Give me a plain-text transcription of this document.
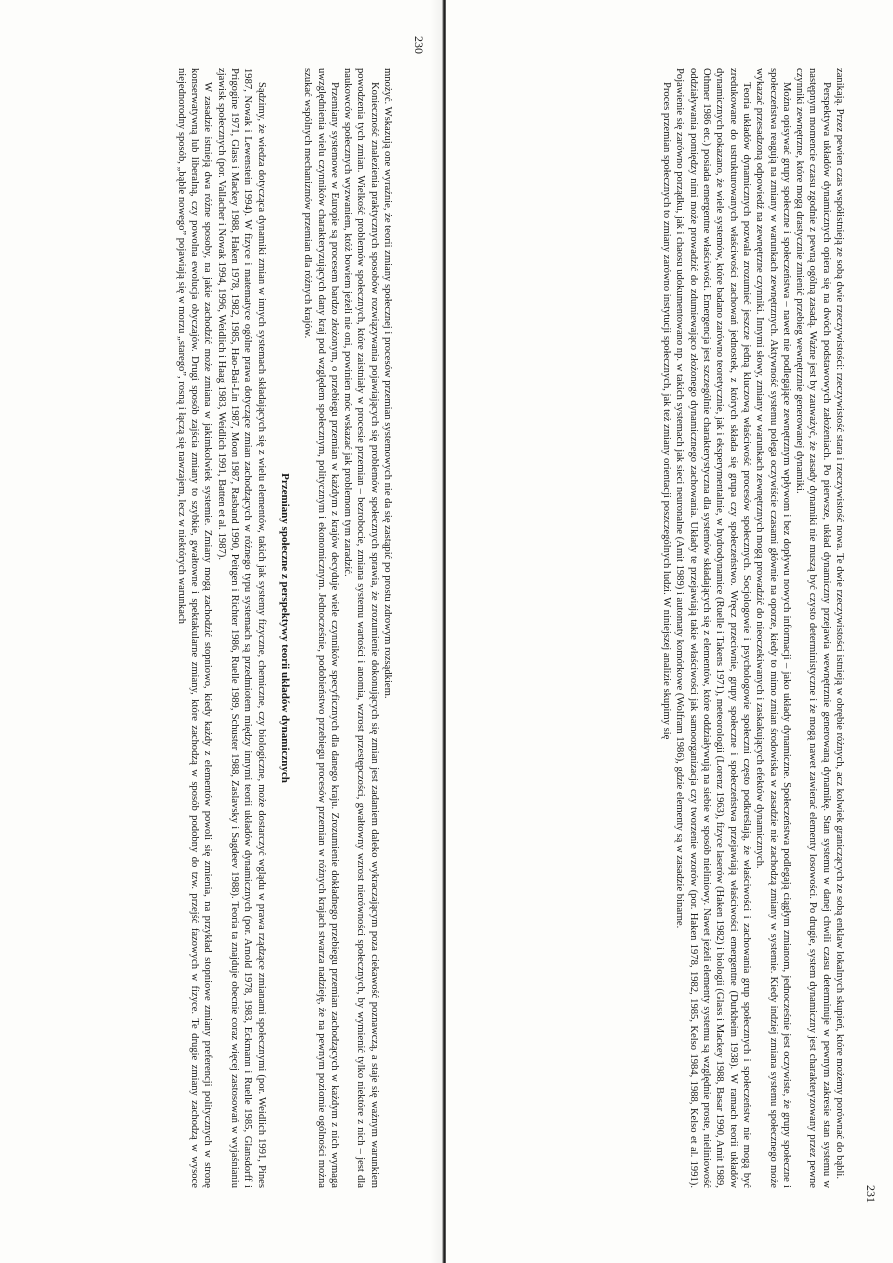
230

mnożyć. Wskazują one wyraźnie, że teorii zmiany społecznej i procesów przemian systemowych nie da się zastąpić po prostu zdrowym rozsądkiem.

Konieczność znalezienia praktycznych sposobów rozwiązywania pojawiających się problemów społecznych sprawia, że zrozumienie dokonujących się zmian jest zadaniem daleko wykraczającym poza ciekawość poznawczą, a staje się ważnym warunkiem powodzenia tych zmian. Wielkość problemów społecznych, które zaistniały w procesie przemian – bezrobocie, zmiana systemu wartości i anomia, wzrost przestępczości, gwałtowny wzrost nierówności społecznych, by wymienić tylko niektóre z nich – jest dla naukowców społecznych wyzwaniem, któż bowiem jeżeli nie oni, powinien móc wskazać jak problemom tym zaradzić.

Przemiany systemowe w Europie są procesem bardzo złożonym, o przebiegu przemian w każdym z krajów decyduje wiele czynników specyficznych dla danego kraju. Zrozumienie dokładnego przebiegu przemian zachodzących w każdym z nich wymaga uwzględnienia wielu czynników charakteryzujących dany kraj pod względem społecznym, politycznym i ekonomicznym. Jednocześnie, podobieństwo przebiegu procesów przemian w różnych krajach stwarza nadzieję, że na pewnym poziomie ogólności można szukać wspólnych mechanizmów przemian dla różnych krajów.

Przemiany społeczne z perspektywy teorii układów dynamicznych

Sądzimy, że wiedza dotycząca dynamiki zmian w innych systemach składających się z wielu elementów, takich jak systemy fizyczne, chemiczne, czy biologiczne, może dostarczyć wglądu w prawa rządzące zmianami społecznymi (por. Weidlich 1991, Pines 1987, Nowak i Lewenstein 1994). W fizyce i matematyce ogólne prawa dotyczące zmian zachodzących w różnego typu systemach są przedmiotem między innymi teorii układów dynamicznych (por. Arnold 1978, 1983, Eckmann i Ruelle 1985, Glansdorff i Prigogine 1971, Glass i Mackey 1988, Haken 1978, 1982, 1985, Hao-Bai-Lin 1987, Moon 1987, Rasband 1990, Peitgen i Richter 1986, Ruelle 1989, Schuster 1988, Zaslavsky i Sagdeev 1988). Teoria ta znajduje obecnie coraz więcej zastosowań w wyjaśnianiu zjawisk społecznych (por. Vallacher i Nowak 1994, 1996, Weidlich i Haag 1983, Weidlich 1991, Batten et al. 1987).

W zasadzie istnieją dwa różne sposoby, na jakie zachodzić może zmiana w jakimkolwiek systemie. Zmiany mogą zachodzić stopniowo, kiedy każdy z elementów powoli się zmienia, na przykład stopniowe zmiany preferencji politycznych w stronę konserwatywną lub liberalną, czy powolna ewolucja obyczajów. Drugi sposób zajścia zmiany to szybkie, gwałtowne i spektakularne zmiany, które zachodzą w sposób podobny do tzw. przejść fazowych w fizyce. Te drugie zmiany zachodzą w wysoce niejednorodny sposób, „bąble nowego” pojawiają się w morzu „starego”, rosną i łączą się nawzajem, lecz w niektórych warunkach

231

zanikają. Przez pewien czas współistnieją ze sobą dwie rzeczywistości: rzeczywistość stara i rzeczywistość nowa. Te dwie rzeczywistości istnieją w obrębie różnych, acz kolwiek graniczących ze sobą enklaw lokalnych skupień, które możemy porównać do bąbli.

Perspektywa układów dynamicznych opiera się na dwóch podstawowych założeniach. Po pierwsze, układ dynamiczny przejawia wewnętrznie generowaną dynamikę. Stan systemu w danej chwili czasu determinuje w pewnym zakresie stan systemu w następnym momencie czasu zgodnie z pewną ogólną zasadą. Ważne jest by zauważyć, że zasady dynamiki nie muszą być czysto deterministyczne i że mogą nawet zawierać elementy losowości. Po drugie, system dynamiczny jest charakteryzowany przez pewne czynniki zewnętrzne, które mogą drastycznie zmienić przebieg wewnętrznie generowanej dynamiki.

Można opisywać grupy społeczne i społeczeństwa – nawet nie podlegające zewnętrznym wpływom i bez dopływu nowych informacji – jako układy dynamiczne. Społeczeństwa podlegają ciągłym zmianom, jednocześnie jest oczywiste, że grupy społeczne i społeczeństwa reagują na zmiany w warunkach zewnętrznych. Aktywność systemu polega oczywiście czasami głównie na oporze, kiedy to mimo zmian środowiska w zasadzie nie zachodzą zmiany w systemie. Kiedy indziej zmiana systemu społecznego może wykazać przesadzoną odpowiedź na zewnętrzne czynniki. Innymi słowy, zmiany w warunkach zewnętrznych mogą prowadzić do nieoczekiwanych i zaskakujących efektów dynamicznych.

Teoria układów dynamicznych pozwala zrozumieć jeszcze jedną kluczową właściwość procesów społecznych. Socjologowie i psychologowie społeczni często podkreślają, że właściwości i zachowania grup społecznych i społeczeństw nie mogą być zredukowane do ustrukturowanych właściwości zachowań jednostek, z których składa się grupa czy społeczeństwo. Wręcz przeciwnie, grupy społeczne i społeczeństwa przejawiają właściwości emergentne (Durkheim 1938). W ramach teorii układów dynamicznych pokazano, że wiele systemów, które badano zarówno teoretycznie, jak i eksperymentalnie, w hydrodynamice (Ruelle i Takens 1971), meteorologii (Lorenz 1963), fizyce laserów (Haken 1982) i biologii (Glass i Mackey 1988, Basar 1990, Amit 1989, Othmer 1986 etc.) posiada emergentne właściwości. Emergencja jest szczególnie charakterystyczna dla systemów składających się z elementów, które oddziaływują na siebie w sposób nieliniowy. Nawet jeżeli elementy systemu są względnie proste, nieliniowość oddziaływania pomiędzy nimi może prowadzić do zdumiewająco złożonego dynamicznego zachowania. Układy te przejawiają takie właściwości jak samoorganizacja czy tworzenie wzorów (por. Haken 1978, 1982, 1985, Kelso 1984, 1988, Kelso et al. 1991). Pojawienie się zarówno porządku, jak i chaosu udokumentowano np. w takich systemach jak sieci neuronalne (Amit 1989) i automaty komórkowe (Wolfram 1986), gdzie elementy są w zasadzie binarne.

Proces przemian społecznych to zmiany zarówno instytucji społecznych, jak też zmiany orientacji poszczególnych ludzi. W niniejszej analizie skupimy się
